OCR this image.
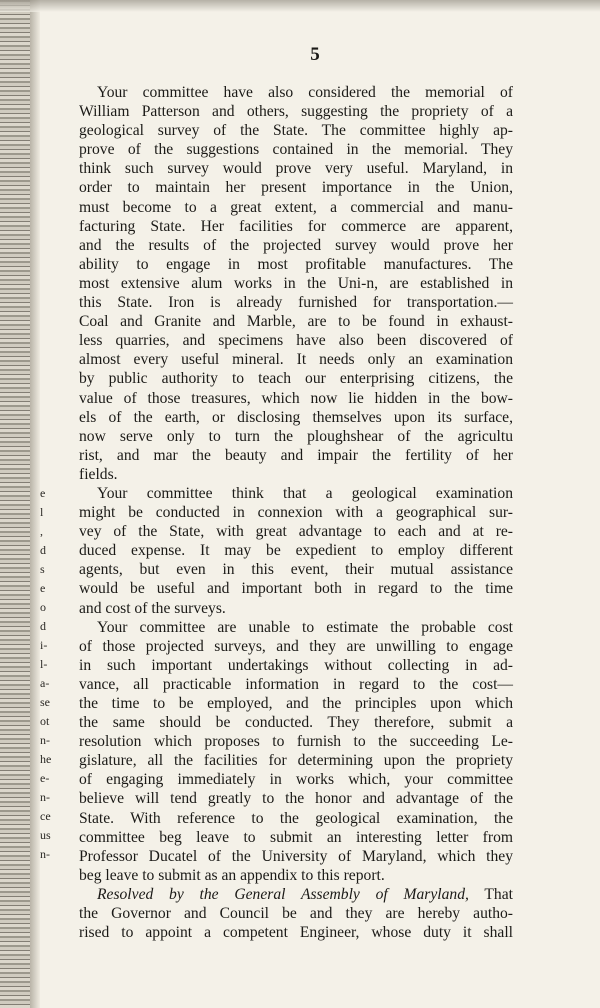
e
l
,
d
s
e
o
d
i-
l-
a-
se
ot
n-
he
e-
n-
ce
us
n-
5
Your committee have also considered the memorial of
William Patterson and others, suggesting the propriety of a
geological survey of the State. The committee highly ap-
prove of the suggestions contained in the memorial. They
think such survey would prove very useful. Maryland, in
order to maintain her present importance in the Union,
must become to a great extent, a commercial and manu-
facturing State. Her facilities for commerce are apparent,
and the results of the projected survey would prove her
ability to engage in most profitable manufactures. The
most extensive alum works in the Uni-n, are established in
this State. Iron is already furnished for transportation.—
Coal and Granite and Marble, are to be found in exhaust-
less quarries, and specimens have also been discovered of
almost every useful mineral. It needs only an examination
by public authority to teach our enterprising citizens, the
value of those treasures, which now lie hidden in the bow-
els of the earth, or disclosing themselves upon its surface,
now serve only to turn the ploughshear of the agricultu
rist, and mar the beauty and impair the fertility of her
fields.
Your committee think that a geological examination
might be conducted in connexion with a geographical sur-
vey of the State, with great advantage to each and at re-
duced expense. It may be expedient to employ different
agents, but even in this event, their mutual assistance
would be useful and important both in regard to the time
and cost of the surveys.
Your committee are unable to estimate the probable cost
of those projected surveys, and they are unwilling to engage
in such important undertakings without collecting in ad-
vance, all practicable information in regard to the cost—
the time to be employed, and the principles upon which
the same should be conducted. They therefore, submit a
resolution which proposes to furnish to the succeeding Le-
gislature, all the facilities for determining upon the propriety
of engaging immediately in works which, your committee
believe will tend greatly to the honor and advantage of the
State. With reference to the geological examination, the
committee beg leave to submit an interesting letter from
Professor Ducatel of the University of Maryland, which they
beg leave to submit as an appendix to this report.
Resolved by the General Assembly of Maryland, That
the Governor and Council be and they are hereby autho-
rised to appoint a competent Engineer, whose duty it shall
